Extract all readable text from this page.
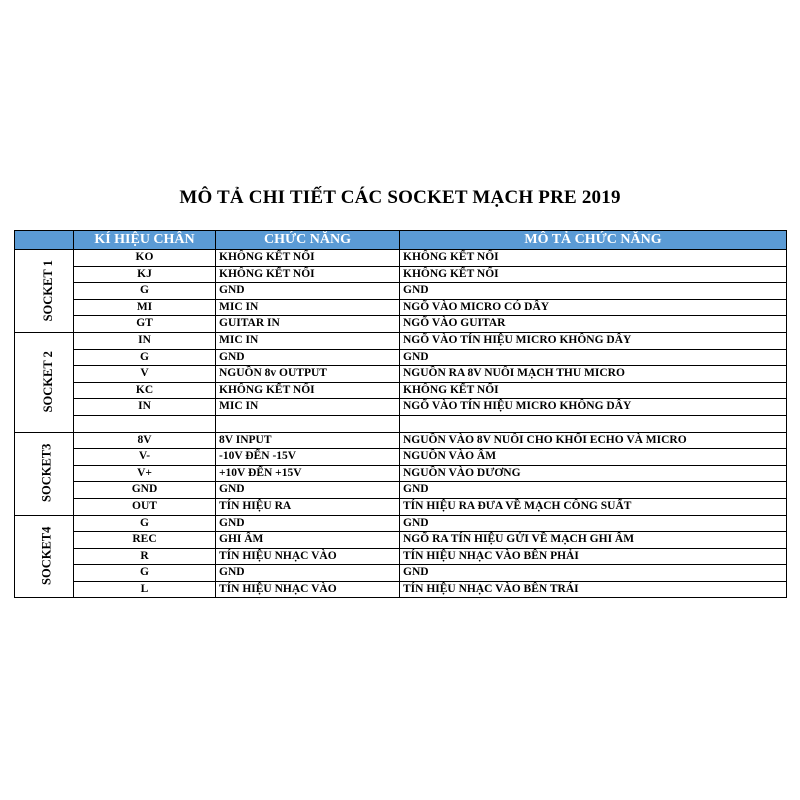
MÔ TẢ CHI TIẾT CÁC SOCKET MẠCH PRE 2019
	KÍ HIỆU CHÂN	CHỨC NĂNG	MÔ TẢ CHỨC NĂNG
SOCKET 1	KO	KHÔNG KẾT NỐI	KHÔNG KẾT NỐI
	KJ	KHÔNG KẾT NỐI	KHÔNG KẾT NỐI
	G	GND	GND
	MI	MIC IN	NGÕ VÀO MICRO CÓ DÂY
	GT	GUITAR IN	NGÕ VÀO GUITAR
SOCKET 2	IN	MIC IN	NGÕ VÀO TÍN HIỆU MICRO KHÔNG DÂY
	G	GND	GND
	V	NGUỒN 8v OUTPUT	NGUỒN RA 8V NUÔI MẠCH THU MICRO
	KC	KHÔNG KẾT NỐI	KHÔNG KẾT NỐI
	IN	MIC IN	NGÕ VÀO TÍN HIỆU MICRO KHÔNG DÂY

SOCKET3	8V	8V INPUT	NGUỒN VÀO 8V NUÔI CHO KHỐI ECHO VÀ MICRO
	V-	-10V ĐẾN -15V	NGUỒN VÀO ÂM
	V+	+10V ĐẾN +15V	NGUỒN VÀO DƯƠNG
	GND	GND	GND
	OUT	TÍN HIỆU RA	TÍN HIỆU RA ĐƯA VỀ MẠCH CÔNG SUẤT
SOCKET4	G	GND	GND
	REC	GHI ÂM	NGÕ RA TÍN HIỆU GỬI VỀ MẠCH GHI ÂM
	R	TÍN HIỆU NHẠC VÀO	TÍN HIỆU NHẠC VÀO BÊN PHẢI
	G	GND	GND
	L	TÍN HIỆU NHẠC VÀO	TÍN HIỆU NHẠC VÀO BÊN TRÁI
